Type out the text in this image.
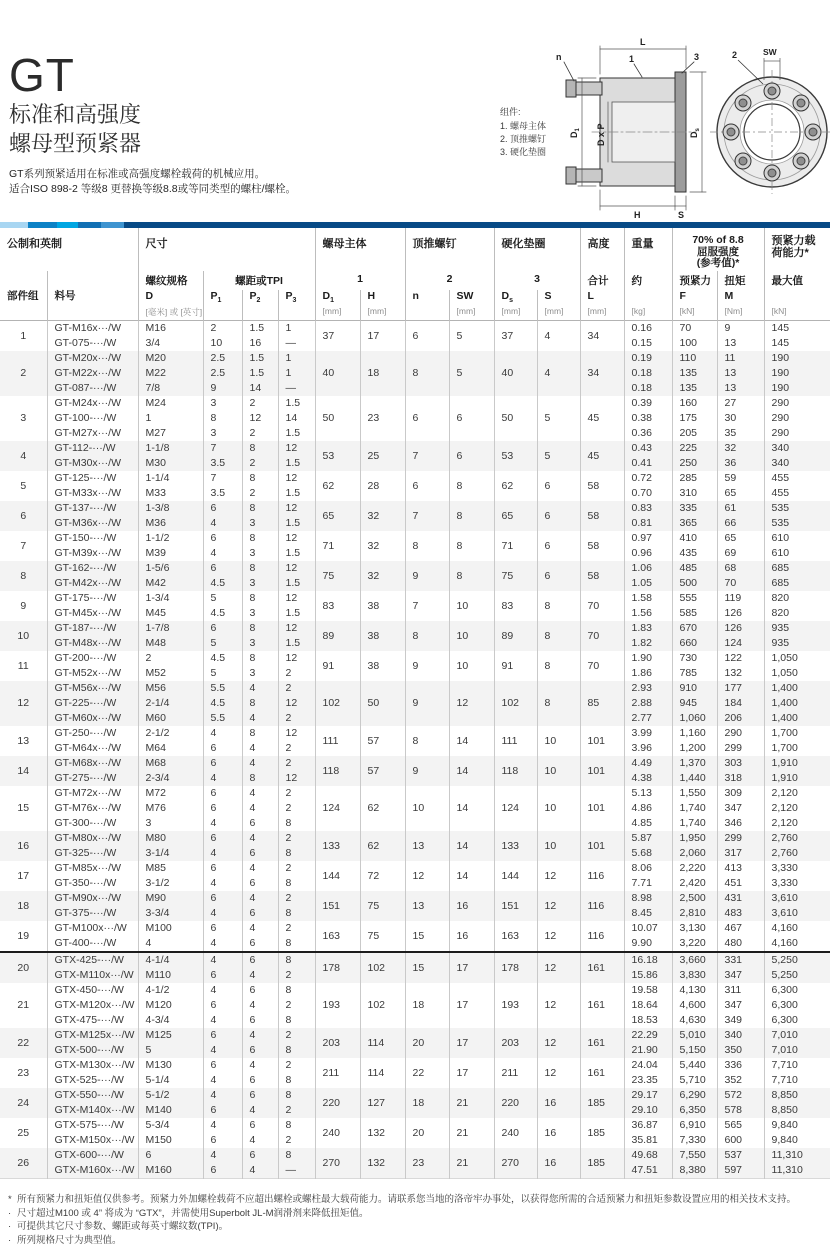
GT
标准和高强度
螺母型预紧器
GT系列预紧适用在标准或高强度螺栓载荷的机械应用。
适合ISO 898-2 等级8 更替换等级8.8或等同类型的螺柱/螺栓。
组件:
1. 螺母主体
2. 顶推螺钉
3. 硬化垫圈
L
$D_1$ D x P	$D_s$
H	S
n	1	3	SW
2
公制和英制	尺寸	螺母主体	顶推螺钉	硬化垫圈	高度	重量	70% of 8.8
屈服强度
(参考值)*

预紧力载
荷能力*

部件组	料号	螺纹规格	螺距或TPI			1		2		3		合计	约	预紧力	扭矩	最大值
		D	$P_1$	$P_2$	$P_3$	$D_1$	H	n	SW	$D_s$	S	L		F	M	
		[毫米] 或 [英寸]				[mm]	[mm]		[mm]	[mm]	[mm]	[mm]	[kg]	[kN]	[Nm]	[kN]
1	GT-M16x···/W	M16	2	1.5	1	37	17	6	5	37	4	34	0.16	70	9	145
	GT-075-···/W	3/4	10	16	—								0.15	100	13	145
2	GT-M20x···/W	M20	2.5	1.5	1	40	18	8	5	40	4	34	0.19	110	11	190
	GT-M22x···/W	M22	2.5	1.5	1								0.18	135	13	190
	GT-087-···/W	7/8	9	14	—								0.18	135	13	190
3	GT-M24x···/W	M24	3	2	1.5	50	23	6	6	50	5	45	0.39	160	27	290
	GT-100-···/W	1	8	12	14								0.38	175	30	290
	GT-M27x···/W	M27	3	2	1.5								0.36	205	35	290
4	GT-112-···/W	1-1/8	7	8	12	53	25	7	6	53	5	45	0.43	225	32	340
	GT-M30x···/W	M30	3.5	2	1.5								0.41	250	36	340
5	GT-125-···/W	1-1/4	7	8	12	62	28	6	8	62	6	58	0.72	285	59	455
	GT-M33x···/W	M33	3.5	2	1.5								0.70	310	65	455
6	GT-137-···/W	1-3/8	6	8	12	65	32	7	8	65	6	58	0.83	335	61	535
	GT-M36x···/W	M36	4	3	1.5								0.81	365	66	535
7	GT-150-···/W	1-1/2	6	8	12	71	32	8	8	71	6	58	0.97	410	65	610
	GT-M39x···/W	M39	4	3	1.5								0.96	435	69	610
8	GT-162-···/W	1-5/6	6	8	12	75	32	9	8	75	6	58	1.06	485	68	685
	GT-M42x···/W	M42	4.5	3	1.5								1.05	500	70	685
9	GT-175-···/W	1-3/4	5	8	12	83	38	7	10	83	8	70	1.58	555	119	820
	GT-M45x···/W	M45	4.5	3	1.5								1.56	585	126	820
10	GT-187-···/W	1-7/8	6	8	12	89	38	8	10	89	8	70	1.83	670	126	935
	GT-M48x···/W	M48	5	3	1.5								1.82	660	124	935
11	GT-200-···/W	2	4.5	8	12	91	38	9	10	91	8	70	1.90	730	122	1,050
	GT-M52x···/W	M52	5	3	2								1.86	785	132	1,050
12	GT-M56x···/W	M56	5.5	4	2	102	50	9	12	102	8	85	2.93	910	177	1,400
	GT-225-···/W	2-1/4	4.5	8	12								2.88	945	184	1,400
	GT-M60x···/W	M60	5.5	4	2								2.77	1,060	206	1,400
13	GT-250-···/W	2-1/2	4	8	12	111	57	8	14	111	10	101	3.99	1,160	290	1,700
	GT-M64x···/W	M64	6	4	2								3.96	1,200	299	1,700
14	GT-M68x···/W	M68	6	4	2	118	57	9	14	118	10	101	4.49	1,370	303	1,910
	GT-275-···/W	2-3/4	4	8	12								4.38	1,440	318	1,910
15	GT-M72x···/W	M72	6	4	2	124	62	10	14	124	10	101	5.13	1,550	309	2,120
	GT-M76x···/W	M76	6	4	2								4.86	1,740	347	2,120
	GT-300-···/W	3	4	6	8								4.85	1,740	346	2,120
16	GT-M80x···/W	M80	6	4	2	133	62	13	14	133	10	101	5.87	1,950	299	2,760
	GT-325-···/W	3-1/4	4	6	8								5.68	2,060	317	2,760
17	GT-M85x···/W	M85	6	4	2	144	72	12	14	144	12	116	8.06	2,220	413	3,330
	GT-350-···/W	3-1/2	4	6	8								7.71	2,420	451	3,330
18	GT-M90x···/W	M90	6	4	2	151	75	13	16	151	12	116	8.98	2,500	431	3,610
	GT-375-···/W	3-3/4	4	6	8								8.45	2,810	483	3,610
19	GT-M100x···/W	M100	6	4	2	163	75	15	16	163	12	116	10.07	3,130	467	4,160
	GT-400-···/W	4	4	6	8								9.90	3,220	480	4,160
20	GTX-425-···/W	4-1/4	4	6	8	178	102	15	17	178	12	161	16.18	3,660	331	5,250
	GTX-M110x···/W	M110	6	4	2								15.86	3,830	347	5,250
21	GTX-450-···/W	4-1/2	4	6	8	193	102	18	17	193	12	161	19.58	4,130	311	6,300
	GTX-M120x···/W	M120	6	4	2								18.64	4,600	347	6,300
	GTX-475-···/W	4-3/4	4	6	8								18.53	4,630	349	6,300
22	GTX-M125x···/W	M125	6	4	2	203	114	20	17	203	12	161	22.29	5,010	340	7,010
	GTX-500-···/W	5	4	6	8								21.90	5,150	350	7,010
23	GTX-M130x···/W	M130	6	4	2	211	114	22	17	211	12	161	24.04	5,440	336	7,710
	GTX-525-···/W	5-1/4	4	6	8								23.35	5,710	352	7,710
24	GTX-550-···/W	5-1/2	4	6	8	220	127	18	21	220	16	185	29.17	6,290	572	8,850
	GTX-M140x···/W	M140	6	4	2								29.10	6,350	578	8,850
25	GTX-575-···/W	5-3/4	4	6	8	240	132	20	21	240	16	185	36.87	6,910	565	9,840
	GTX-M150x···/W	M150	6	4	2								35.81	7,330	600	9,840
26	GTX-600-···/W	6	4	6	8	270	132	23	21	270	16	185	49.68	7,550	537	11,310
	GTX-M160x···/W	M160	6	4	—								47.51	8,380	597	11,310
* 所有预紧力和扭矩值仅供参考。预紧力外加螺栓载荷不应超出螺栓或螺柱最大载荷能力。请联系您当地的洛帝牢办事处，以获得您所需的合适预紧力和扭矩参数设置应用的相关技术支持。
· 尺寸超过M100 或 4” 将成为 “GTX”，并需使用Superbolt JL-M润滑剂来降低扭矩值。
· 可提供其它尺寸参数、螺距或每英寸螺纹数(TPI)。
· 所列规格尺寸为典型值。
